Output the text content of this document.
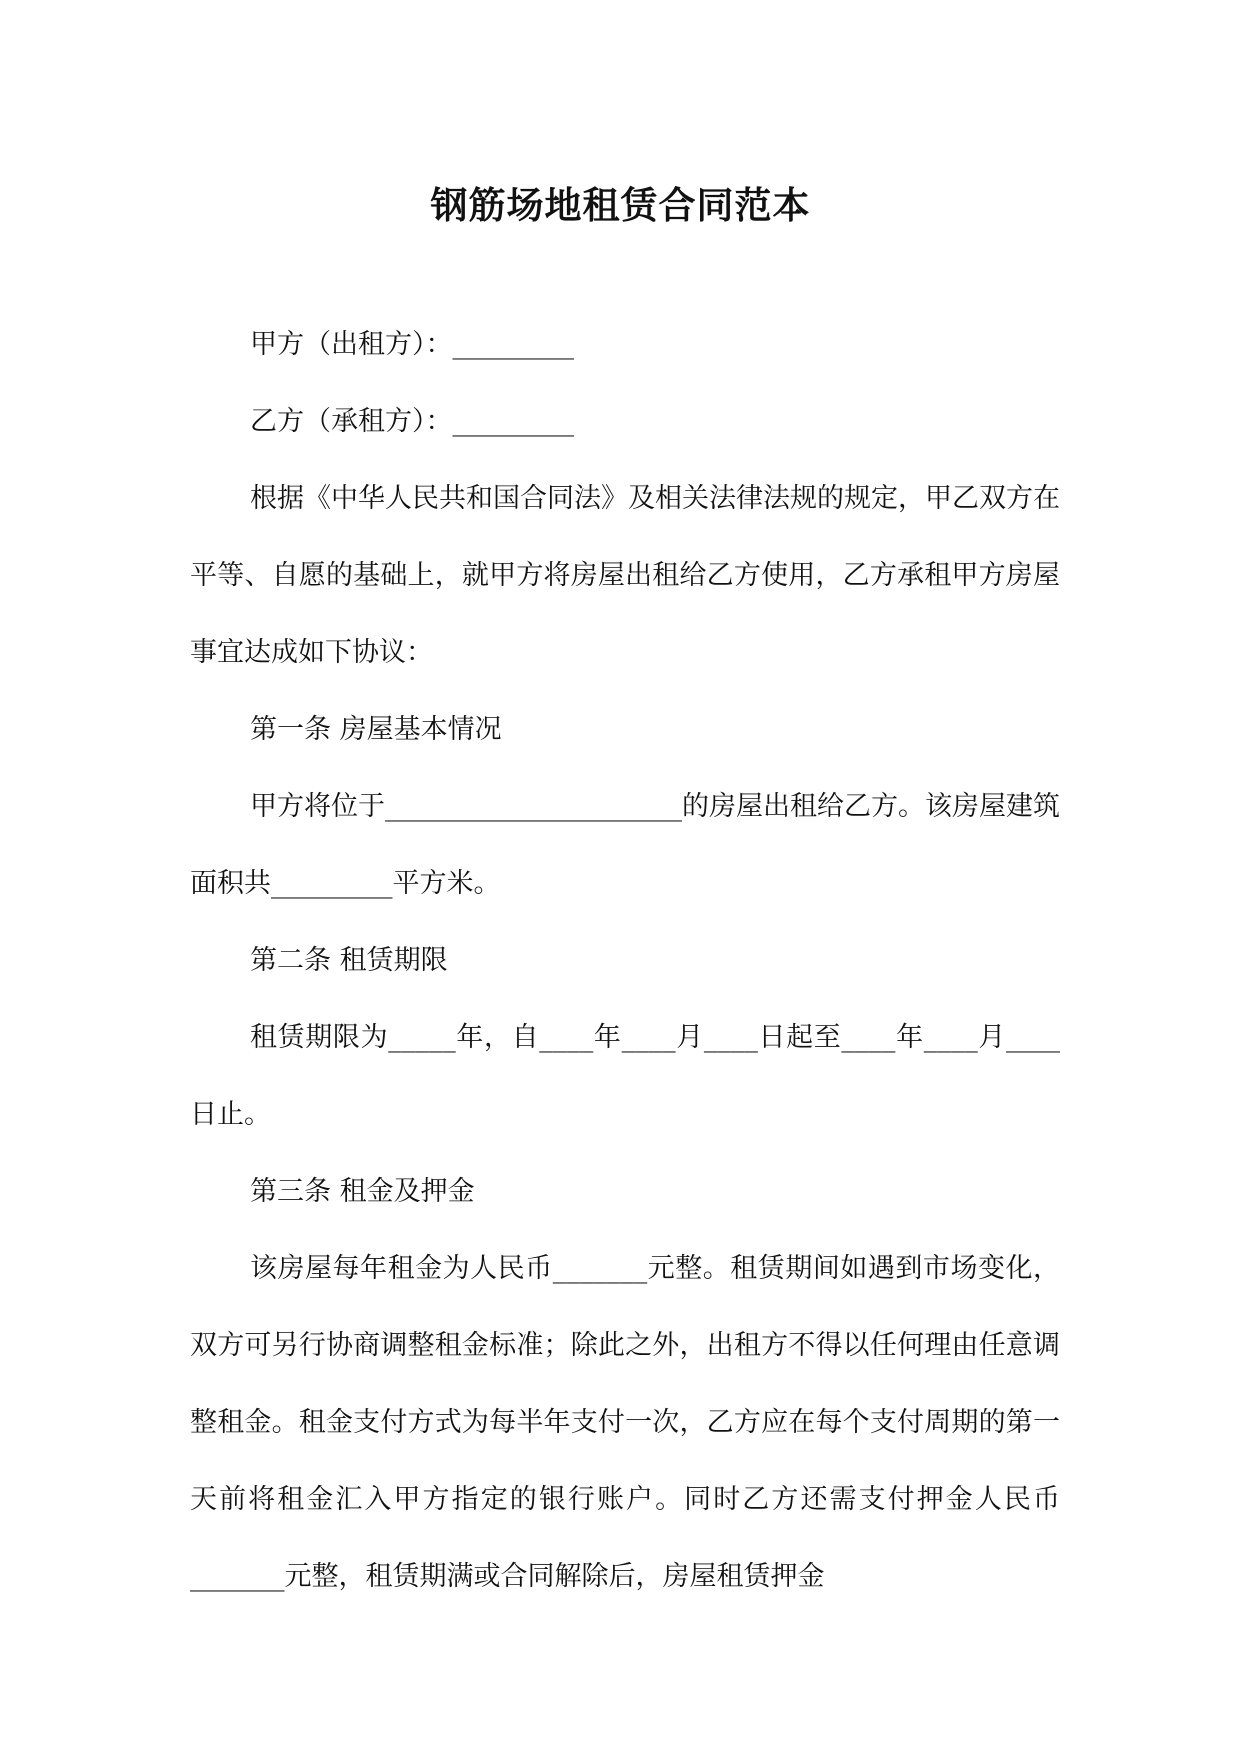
钢筋场地租赁合同范本

甲方（出租方）：_________

乙方（承租方）：_________

根据《中华人民共和国合同法》及相关法律法规的规定，甲乙双方在平等、自愿的基础上，就甲方将房屋出租给乙方使用，乙方承租甲方房屋事宜达成如下协议：

第一条 房屋基本情况

甲方将位于______________________的房屋出租给乙方。该房屋建筑面积共_________平方米。

第二条 租赁期限

租赁期限为_____年，自____年____月____日起至____年____月____日止。

第三条 租金及押金

该房屋每年租金为人民币_______元整。租赁期间如遇到市场变化，双方可另行协商调整租金标准；除此之外，出租方不得以任何理由任意调整租金。租金支付方式为每半年支付一次，乙方应在每个支付周期的第一天前将租金汇入甲方指定的银行账户。同时乙方还需支付押金人民币_______元整，租赁期满或合同解除后，房屋租赁押金
